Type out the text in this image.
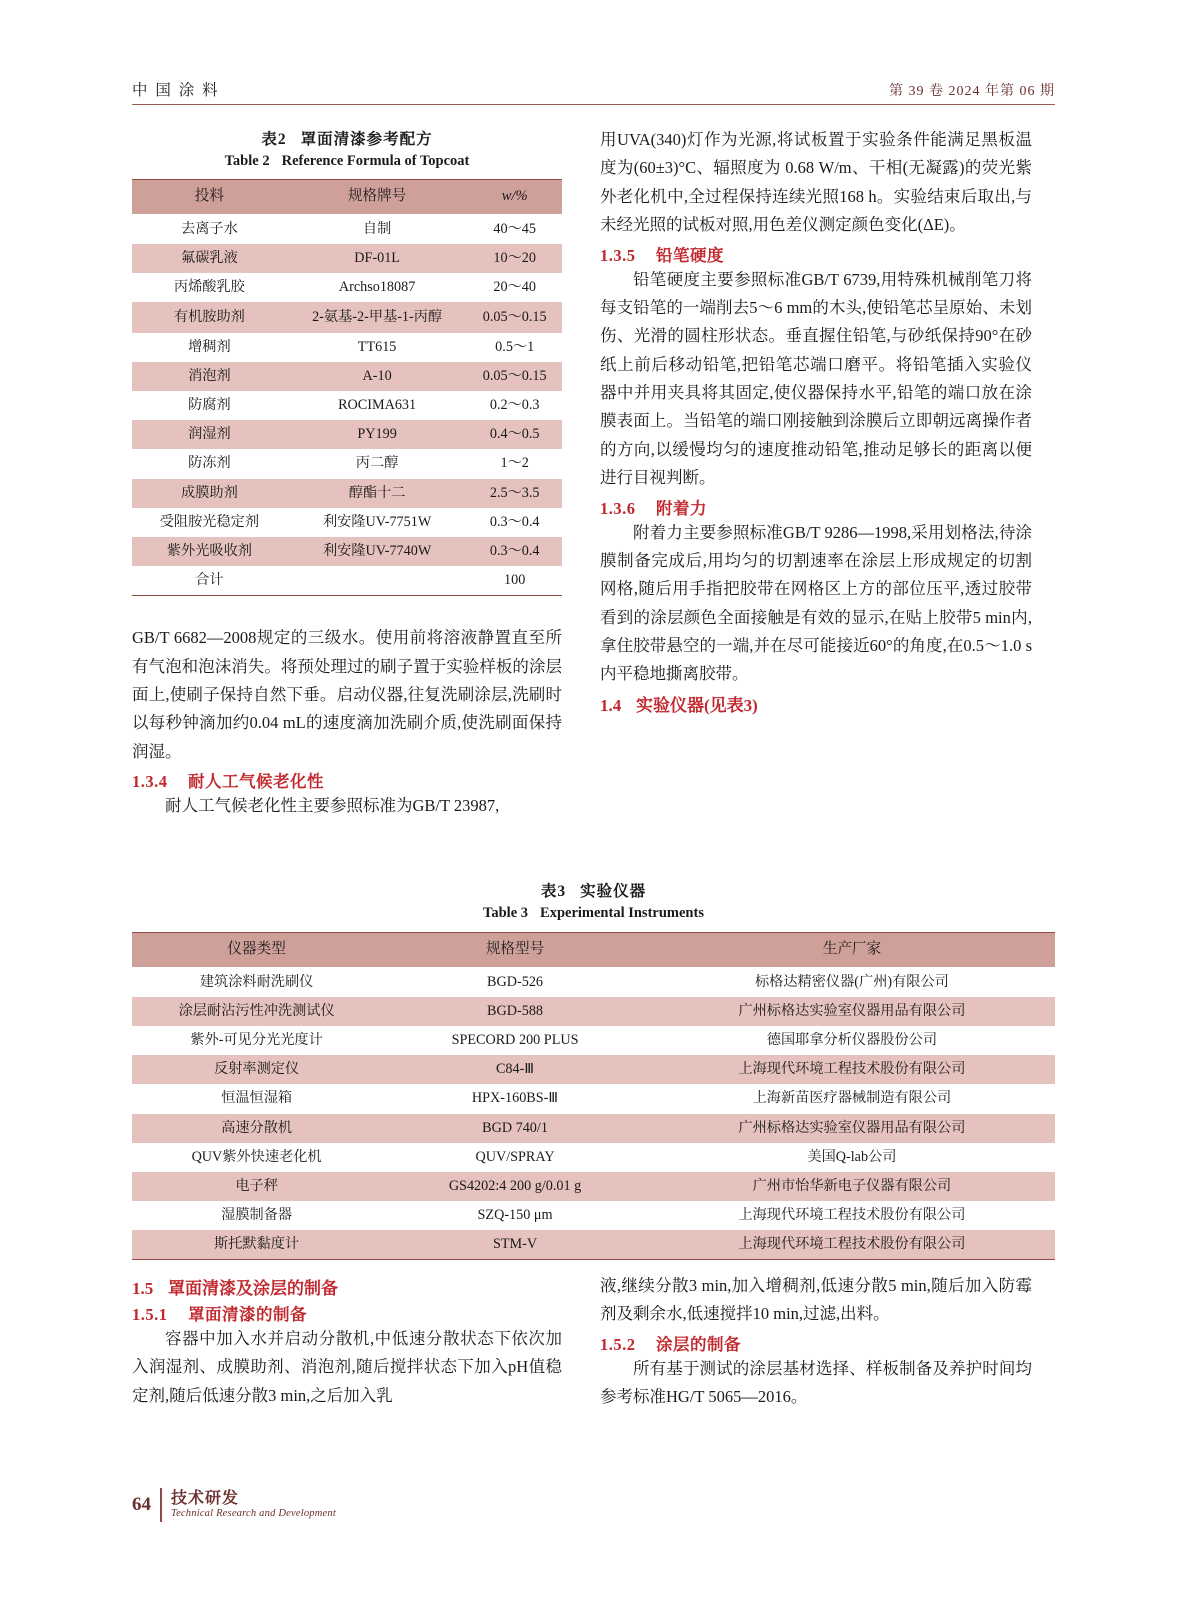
中 国 涂 料	第 39 卷 2024 年第 06 期
表2 罩面清漆参考配方
Table 2 Reference Formula of Topcoat
投料	规格牌号	w/%
去离子水	自制	40～45
氟碳乳液	DF-01L	10～20
丙烯酸乳胶	Archso18087	20～40
有机胺助剂	2-氨基-2-甲基-1-丙醇	0.05～0.15
增稠剂	TT615	0.5～1
消泡剂	A-10	0.05～0.15
防腐剂	ROCIMA631	0.2～0.3
润湿剂	PY199	0.4～0.5
防冻剂	丙二醇	1～2
成膜助剂	醇酯十二	2.5～3.5
受阻胺光稳定剂	利安隆UV-7751W	0.3～0.4
紫外光吸收剂	利安隆UV-7740W	0.3～0.4
合计		100

GB/T 6682—2008规定的三级水。使用前将溶液静置直至所有气泡和泡沫消失。将预处理过的刷子置于实验样板的涂层面上,使刷子保持自然下垂。启动仪器,往复洗刷涂层,洗刷时以每秒钟滴加约0.04 mL的速度滴加洗刷介质,使洗刷面保持润湿。

1.3.4 耐人工气候老化性

耐人工气候老化性主要参照标准为GB/T 23987,

用UVA(340)灯作为光源,将试板置于实验条件能满足黑板温度为(60±3)°C、辐照度为 0.68 W/m、干相(无凝露)的荧光紫外老化机中,全过程保持连续光照168 h。实验结束后取出,与未经光照的试板对照,用色差仪测定颜色变化(ΔE)。

1.3.5 铅笔硬度

铅笔硬度主要参照标准GB/T 6739,用特殊机械削笔刀将每支铅笔的一端削去5～6 mm的木头,使铅笔芯呈原始、未划伤、光滑的圆柱形状态。垂直握住铅笔,与砂纸保持90°在砂纸上前后移动铅笔,把铅笔芯端口磨平。将铅笔插入实验仪器中并用夹具将其固定,使仪器保持水平,铅笔的端口放在涂膜表面上。当铅笔的端口刚接触到涂膜后立即朝远离操作者的方向,以缓慢均匀的速度推动铅笔,推动足够长的距离以便进行目视判断。

1.3.6 附着力

附着力主要参照标准GB/T 9286—1998,采用划格法,待涂膜制备完成后,用均匀的切割速率在涂层上形成规定的切割网格,随后用手指把胶带在网格区上方的部位压平,透过胶带看到的涂层颜色全面接触是有效的显示,在贴上胶带5 min内,拿住胶带悬空的一端,并在尽可能接近60°的角度,在0.5～1.0 s内平稳地撕离胶带。

1.4 实验仪器(见表3)
表3 实验仪器
Table 3 Experimental Instruments
仪器类型	规格型号	生产厂家
建筑涂料耐洗刷仪	BGD-526	标格达精密仪器(广州)有限公司
涂层耐沾污性冲洗测试仪	BGD-588	广州标格达实验室仪器用品有限公司
紫外-可见分光光度计	SPECORD 200 PLUS	德国耶拿分析仪器股份公司
反射率测定仪	C84-Ⅲ	上海现代环境工程技术股份有限公司
恒温恒湿箱	HPX-160BS-Ⅲ	上海新苗医疗器械制造有限公司
高速分散机	BGD 740/1	广州标格达实验室仪器用品有限公司
QUV紫外快速老化机	QUV/SPRAY	美国Q-lab公司
电子秤	GS4202:4 200 g/0.01 g	广州市怡华新电子仪器有限公司
湿膜制备器	SZQ-150 μm	上海现代环境工程技术股份有限公司
斯托默黏度计	STM-V	上海现代环境工程技术股份有限公司
1.5 罩面清漆及涂层的制备
1.5.1 罩面清漆的制备

容器中加入水并启动分散机,中低速分散状态下依次加入润湿剂、成膜助剂、消泡剂,随后搅拌状态下加入pH值稳定剂,随后低速分散3 min,之后加入乳

液,继续分散3 min,加入增稠剂,低速分散5 min,随后加入防霉剂及剩余水,低速搅拌10 min,过滤,出料。

1.5.2 涂层的制备

所有基于测试的涂层基材选择、样板制备及养护时间均参考标准HG/T 5065—2016。

64 技术研发
Technical Research and Development
